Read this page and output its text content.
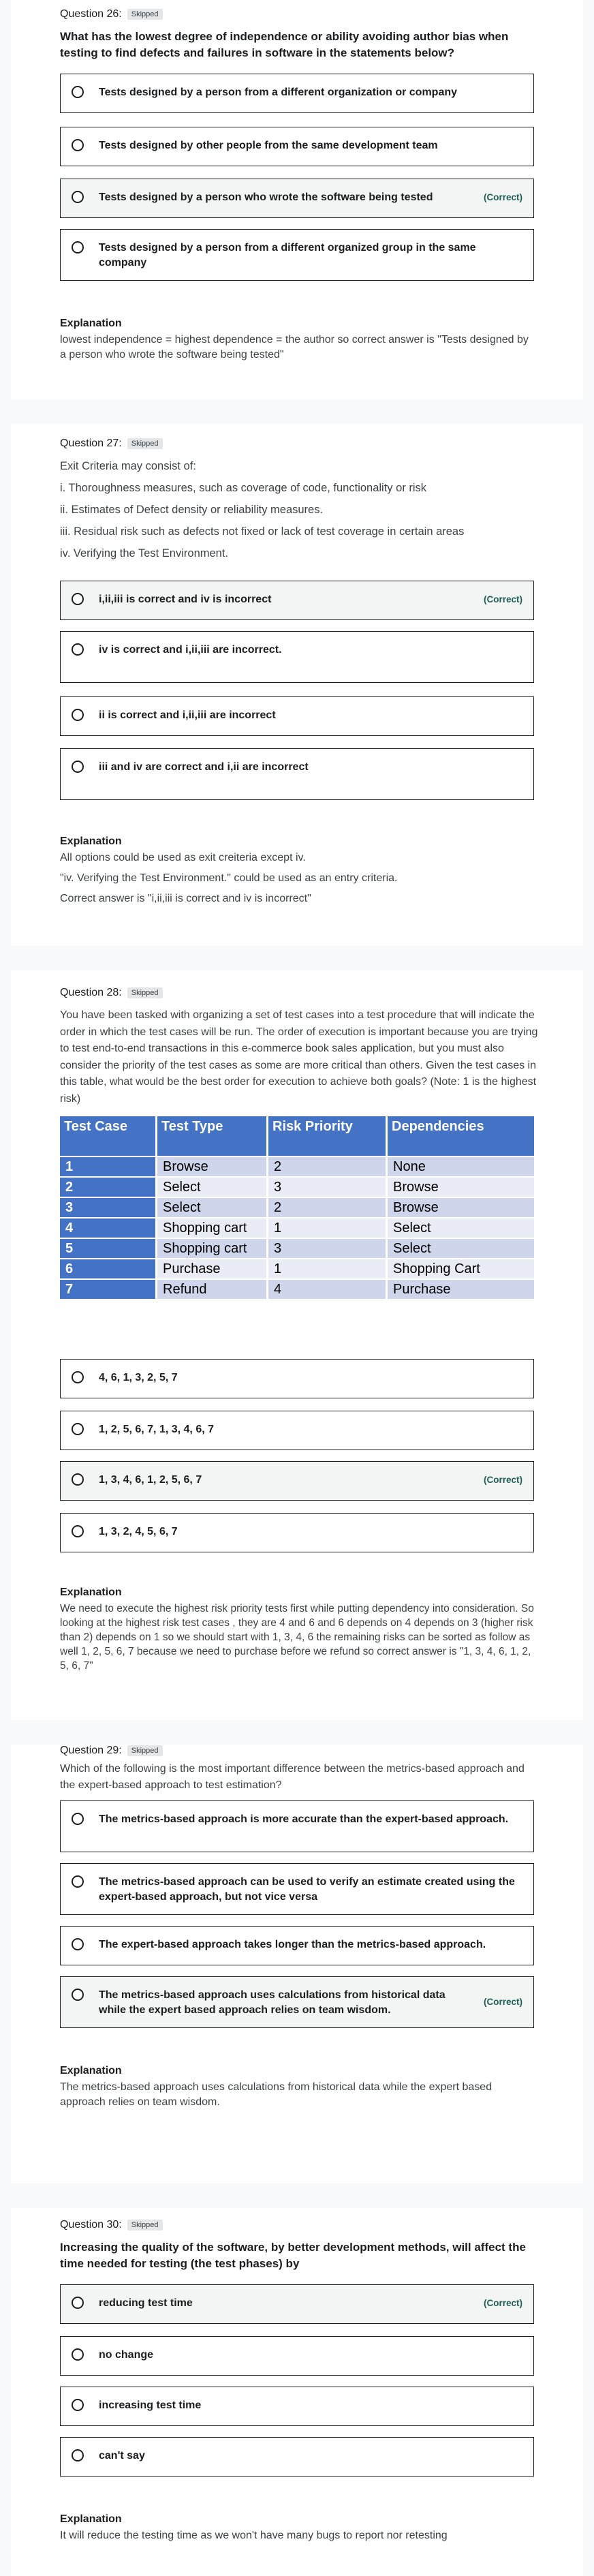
Question 26:	Skipped
What has the lowest degree of independence or ability avoiding author bias when testing to find defects and failures in software in the statements below?
Tests designed by a person from a different organization or company
Tests designed by other people from the same development team
Tests designed by a person who wrote the software being tested	(Correct)
Tests designed by a person from a different organized group in the same company
Explanation
lowest independence = highest dependence = the author so correct answer is "Tests designed by a person who wrote the software being tested"
Question 27:	Skipped

Exit Criteria may consist of:

i. Thoroughness measures, such as coverage of code, functionality or risk

ii. Estimates of Defect density or reliability measures.

iii. Residual risk such as defects not fixed or lack of test coverage in certain areas

iv. Verifying the Test Environment.

i,ii,iii is correct and iv is incorrect	(Correct)
iv is correct and i,ii,iii are incorrect.
ii is correct and i,ii,iii are incorrect
iii and iv are correct and i,ii are incorrect
Explanation

All options could be used as exit creiteria except iv.

"iv. Verifying the Test Environment." could be used as an entry criteria.

Correct answer is "i,ii,iii is correct and iv is incorrect"

Question 28:	Skipped
You have been tasked with organizing a set of test cases into a test procedure that will indicate the order in which the test cases will be run. The order of execution is important because you are trying to test end-to-end transactions in this e-commerce book sales application, but you must also consider the priority of the test cases as some are more critical than others. Given the test cases in this table, what would be the best order for execution to achieve both goals? (Note: 1 is the highest risk)
Test Case	Test Type	Risk Priority	Dependencies
1	Browse	2	None
2	Select	3	Browse
3	Select	2	Browse
4	Shopping cart	1	Select
5	Shopping cart	3	Select
6	Purchase	1	Shopping Cart
7	Refund	4	Purchase
4, 6, 1, 3, 2, 5, 7
1, 2, 5, 6, 7, 1, 3, 4, 6, 7
1, 3, 4, 6, 1, 2, 5, 6, 7	(Correct)
1, 3, 2, 4, 5, 6, 7
Explanation
We need to execute the highest risk priority tests first while putting dependency into consideration. So looking at the highest risk test cases , they are 4 and 6 and 6 depends on 4 depends on 3 (higher risk than 2) depends on 1 so we should start with 1, 3, 4, 6 the remaining risks can be sorted as follow as well 1, 2, 5, 6, 7 because we need to purchase before we refund so correct answer is "1, 3, 4, 6, 1, 2, 5, 6, 7"
Question 29:	Skipped
Which of the following is the most important difference between the metrics-based approach and the expert-based approach to test estimation?
The metrics-based approach is more accurate than the expert-based approach.
The metrics-based approach can be used to verify an estimate created using the expert-based approach, but not vice versa
The expert-based approach takes longer than the metrics-based approach.
The metrics-based approach uses calculations from historical data while the expert based approach relies on team wisdom.
(Correct)
Explanation
The metrics-based approach uses calculations from historical data while the expert based approach relies on team wisdom.
Question 30:	Skipped
Increasing the quality of the software, by better development methods, will affect the time needed for testing (the test phases) by
reducing test time	(Correct)
no change
increasing test time
can't say
Explanation
It will reduce the testing time as we won't have many bugs to report nor retesting
